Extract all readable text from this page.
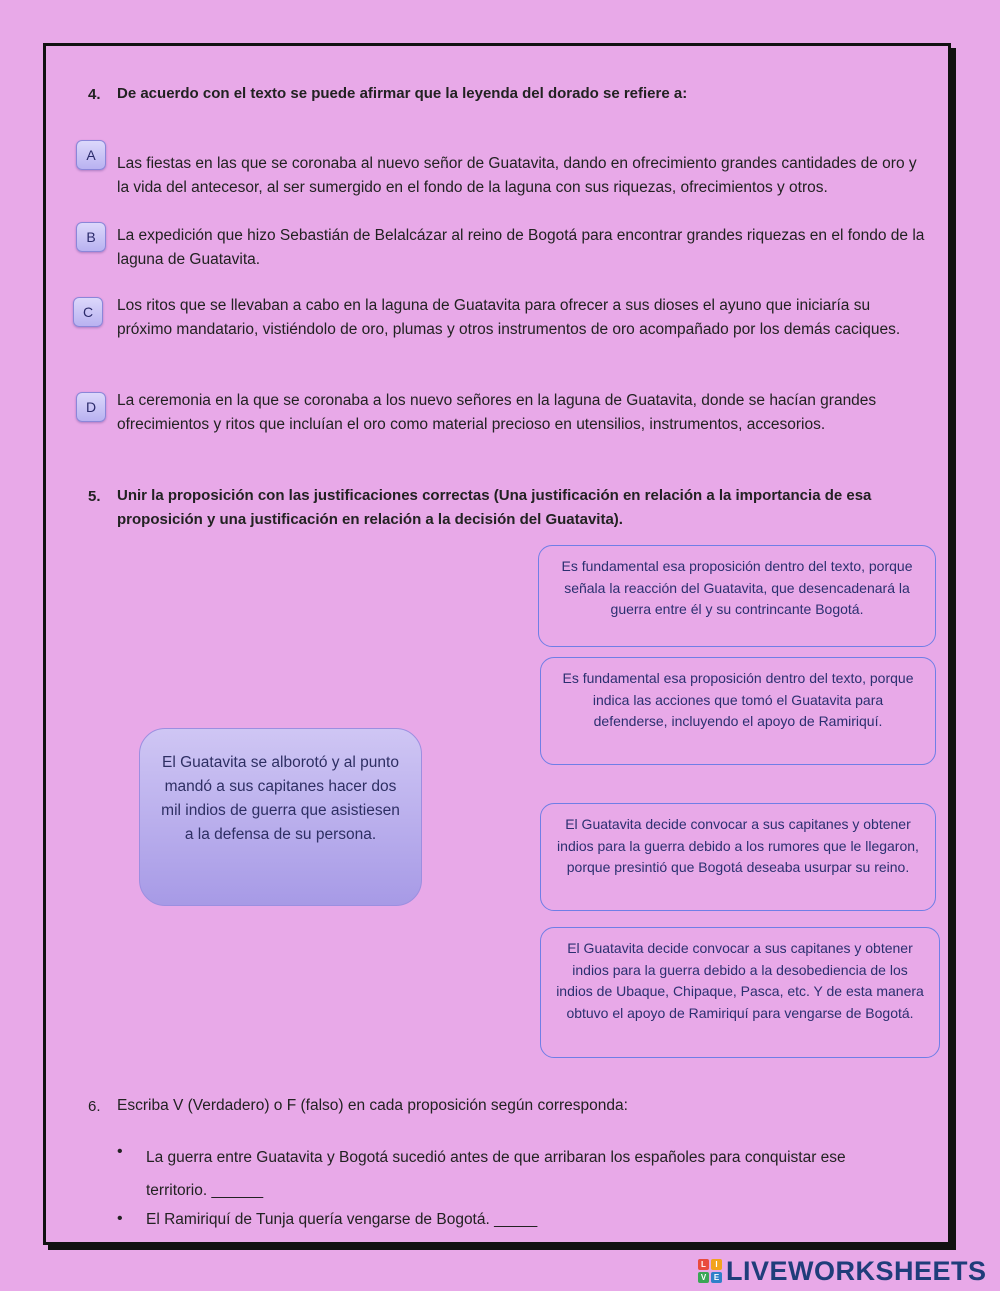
4. De acuerdo con el texto se puede afirmar que la leyenda del dorado se refiere a:
A	Las fiestas en las que se coronaba al nuevo señor de Guatavita, dando en ofrecimiento grandes cantidades de oro y la vida del antecesor, al ser sumergido en el fondo de la laguna con sus riquezas, ofrecimientos y otros.
B	La expedición que hizo Sebastián de Belalcázar al reino de Bogotá para encontrar grandes riquezas en el fondo de la laguna de Guatavita.
C	Los ritos que se llevaban a cabo en la laguna de Guatavita para ofrecer a sus dioses el ayuno que iniciaría su próximo mandatario, vistiéndolo de oro, plumas y otros instrumentos de oro acompañado por los demás caciques.
D	La ceremonia en la que se coronaba a los nuevo señores en la laguna de Guatavita, donde se hacían grandes ofrecimientos y ritos que incluían el oro como material precioso en utensilios, instrumentos, accesorios.
5. Unir la proposición con las justificaciones correctas (Una justificación en relación a la importancia de esa proposición y una justificación en relación a la decisión del Guatavita).
Es fundamental esa proposición dentro del texto, porque señala la reacción del Guatavita, que desencadenará la guerra entre él y su contrincante Bogotá.
Es fundamental esa proposición dentro del texto, porque indica las acciones que tomó el Guatavita para defenderse, incluyendo el apoyo de Ramiriquí.
El Guatavita se alborotó y al punto mandó a sus capitanes hacer dos mil indios de guerra que asistiesen a la defensa de su persona.
El Guatavita decide convocar a sus capitanes y obtener indios para la guerra debido a los rumores que le llegaron, porque presintió que Bogotá deseaba usurpar su reino.
El Guatavita decide convocar a sus capitanes y obtener indios para la guerra debido a la desobediencia de los indios de Ubaque, Chipaque, Pasca, etc. Y de esta manera obtuvo el apoyo de Ramiriquí para vengarse de Bogotá.
6. Escriba V (Verdadero) o F (falso) en cada proposición según corresponda:
• La guerra entre Guatavita y Bogotá sucedió antes de que arribaran los españoles para conquistar ese
territorio. ______
• El Ramiriquí de Tunja quería vengarse de Bogotá. _____
L	I
V E LIVEWORKSHEETS
